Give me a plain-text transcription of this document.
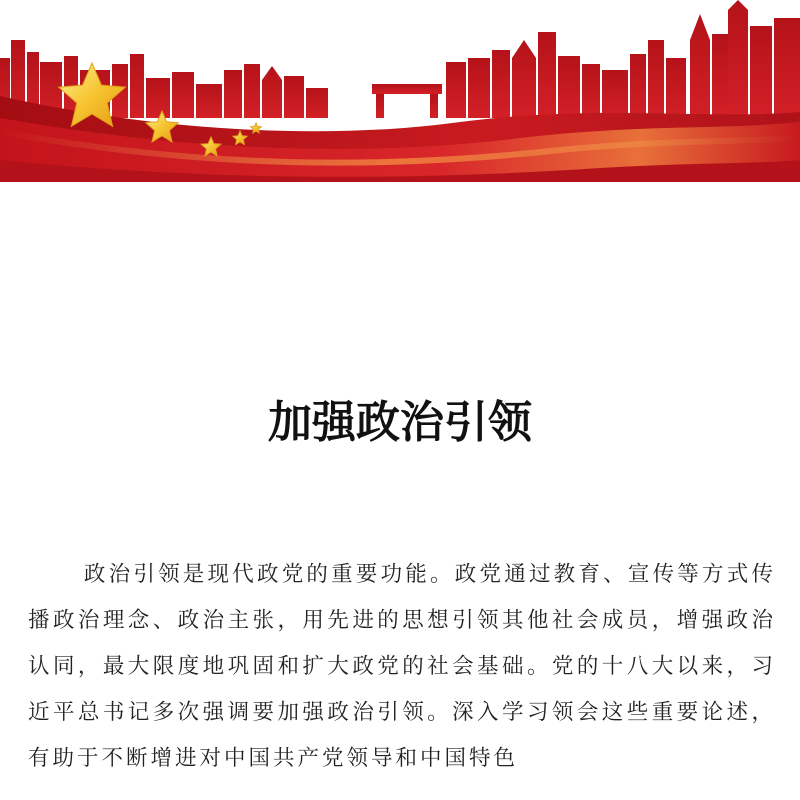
加强政治引领

政治引领是现代政党的重要功能。政党通过教育、宣传等方式传播政治理念、政治主张，用先进的思想引领其他社会成员，增强政治认同，最大限度地巩固和扩大政党的社会基础。党的十八大以来，习近平总书记多次强调要加强政治引领。深入学习领会这些重要论述，有助于不断增进对中国共产党领导和中国特色
